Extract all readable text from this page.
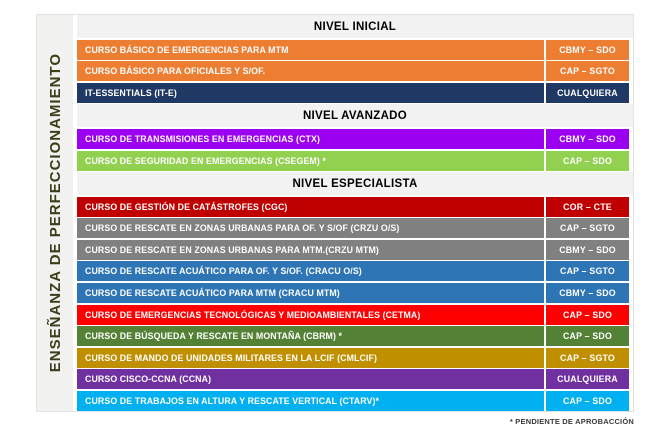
ENSEÑANZA DE PERFECCIONAMIENTO
NIVEL INICIAL
CURSO BÁSICO DE EMERGENCIAS PARA MTM	CBMY – SDO
CURSO BÁSICO PARA OFICIALES Y S/OF.	CAP – SGTO
IT-ESSENTIALS (IT-E)	CUALQUIERA
NIVEL AVANZADO
CURSO DE TRANSMISIONES EN EMERGENCIAS (CTX)	CBMY – SDO
CURSO DE SEGURIDAD EN EMERGENCIAS (CSEGEM) *	CAP – SDO
NIVEL ESPECIALISTA
CURSO DE GESTIÓN DE CATÁSTROFES (CGC)	COR – CTE
CURSO DE RESCATE EN ZONAS URBANAS PARA OF. Y S/OF (CRZU O/S)	CAP – SGTO
CURSO DE RESCATE EN ZONAS URBANAS PARA MTM.(CRZU MTM)	CBMY – SDO
CURSO DE RESCATE ACUÁTICO PARA OF. Y S/OF. (CRACU O/S)	CAP – SGTO
CURSO DE RESCATE ACUÁTICO PARA MTM (CRACU MTM)	CBMY – SDO
CURSO DE EMERGENCIAS TECNOLÓGICAS Y MEDIOAMBIENTALES (CETMA)	CAP – SDO
CURSO DE BÚSQUEDA Y RESCATE EN MONTAÑA (CBRM) *	CAP – SDO
CURSO DE MANDO DE UNIDADES MILITARES EN LA LCIF (CMLCIF)	CAP – SGTO
CURSO CISCO-CCNA (CCNA)	CUALQUIERA
CURSO DE TRABAJOS EN ALTURA Y RESCATE VERTICAL (CTARV)*	CAP – SDO
* PENDIENTE DE APROBACCIÓN
